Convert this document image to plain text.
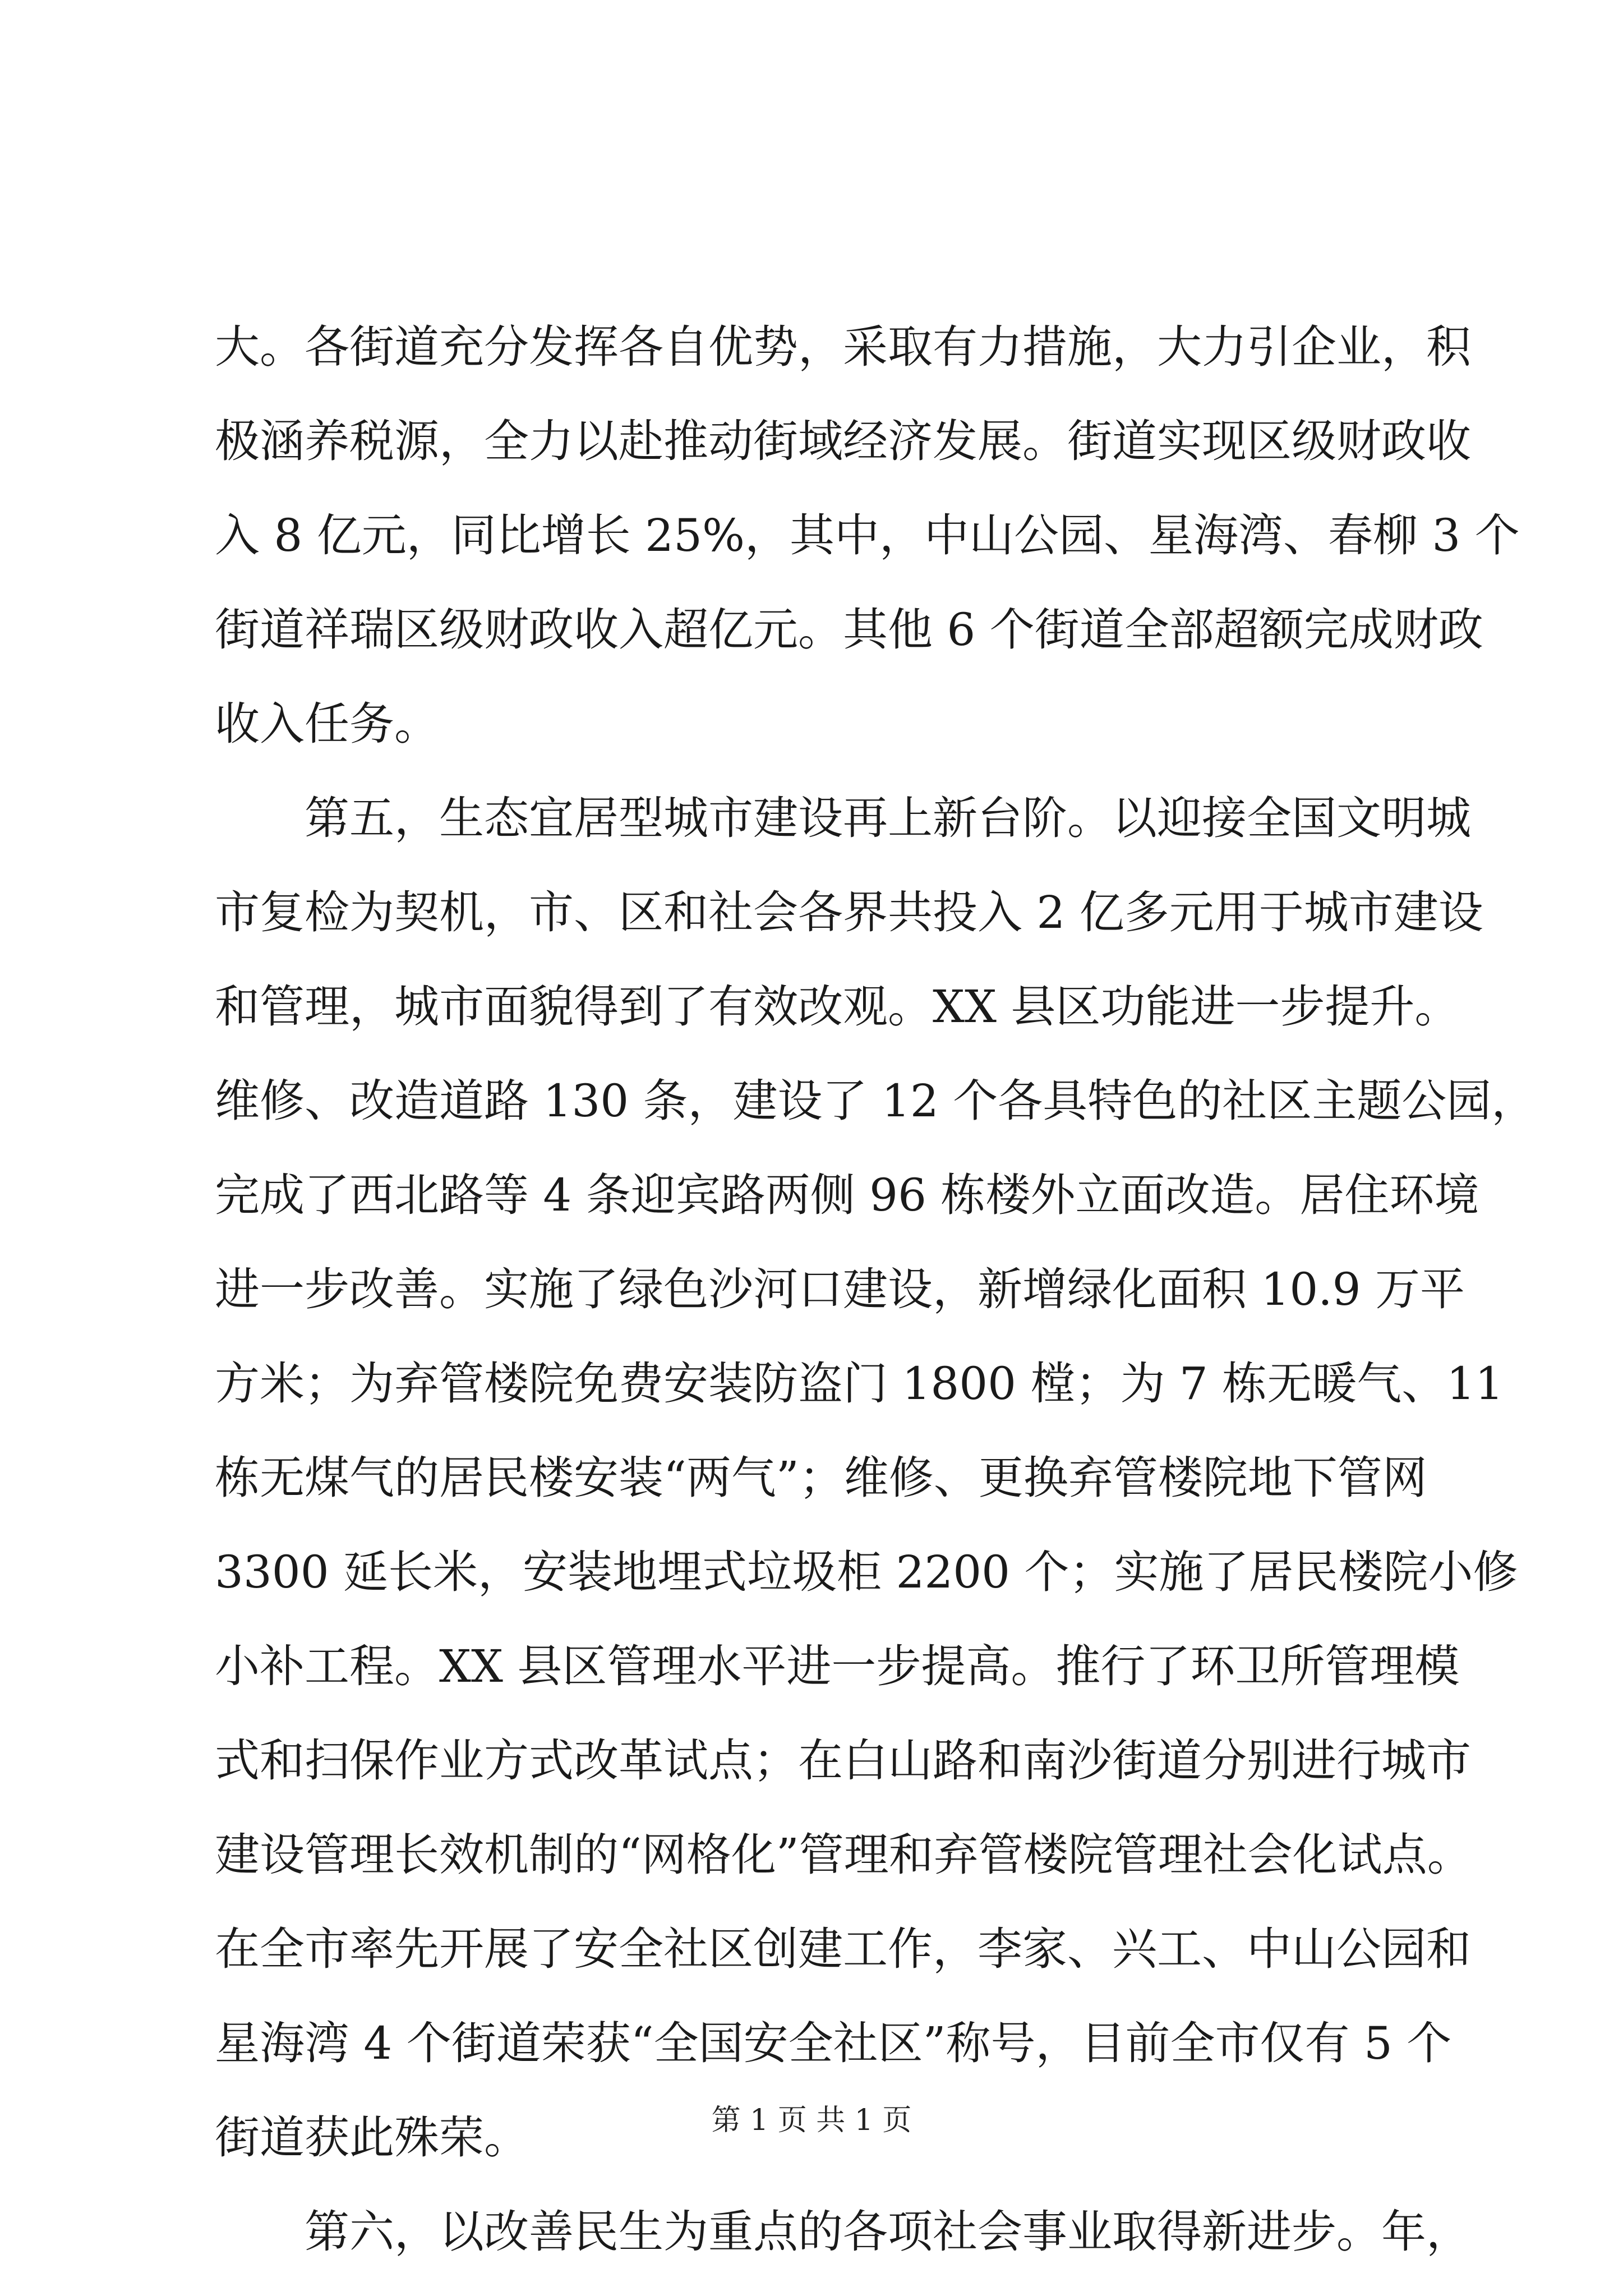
大。各街道充分发挥各自优势，采取有力措施，大力引企业，积
极涵养税源，全力以赴推动街域经济发展。街道实现区级财政收
入 8 亿元，同比增长 25%，其中，中山公园、星海湾、春柳 3 个
街道祥瑞区级财政收入超亿元。其他 6 个街道全部超额完成财政
收入任务。
　　第五，生态宜居型城市建设再上新台阶。以迎接全国文明城
市复检为契机，市、区和社会各界共投入 2 亿多元用于城市建设
和管理，城市面貌得到了有效改观。XX 县区功能进一步提升。
维修、改造道路 130 条，建设了 12 个各具特色的社区主题公园，
完成了西北路等 4 条迎宾路两侧 96 栋楼外立面改造。居住环境
进一步改善。实施了绿色沙河口建设，新增绿化面积 10.9 万平
方米；为弃管楼院免费安装防盗门 1800 樘；为 7 栋无暖气、11
栋无煤气的居民楼安装“两气”；维修、更换弃管楼院地下管网
3300 延长米，安装地埋式垃圾柜 2200 个；实施了居民楼院小修
小补工程。XX 县区管理水平进一步提高。推行了环卫所管理模
式和扫保作业方式改革试点；在白山路和南沙街道分别进行城市
建设管理长效机制的“网格化”管理和弃管楼院管理社会化试点。
在全市率先开展了安全社区创建工作，李家、兴工、中山公园和
星海湾 4 个街道荣获“全国安全社区”称号，目前全市仅有 5 个
街道获此殊荣。
　　第六，以改善民生为重点的各项社会事业取得新进步。年，
第 1 页 共 1 页
